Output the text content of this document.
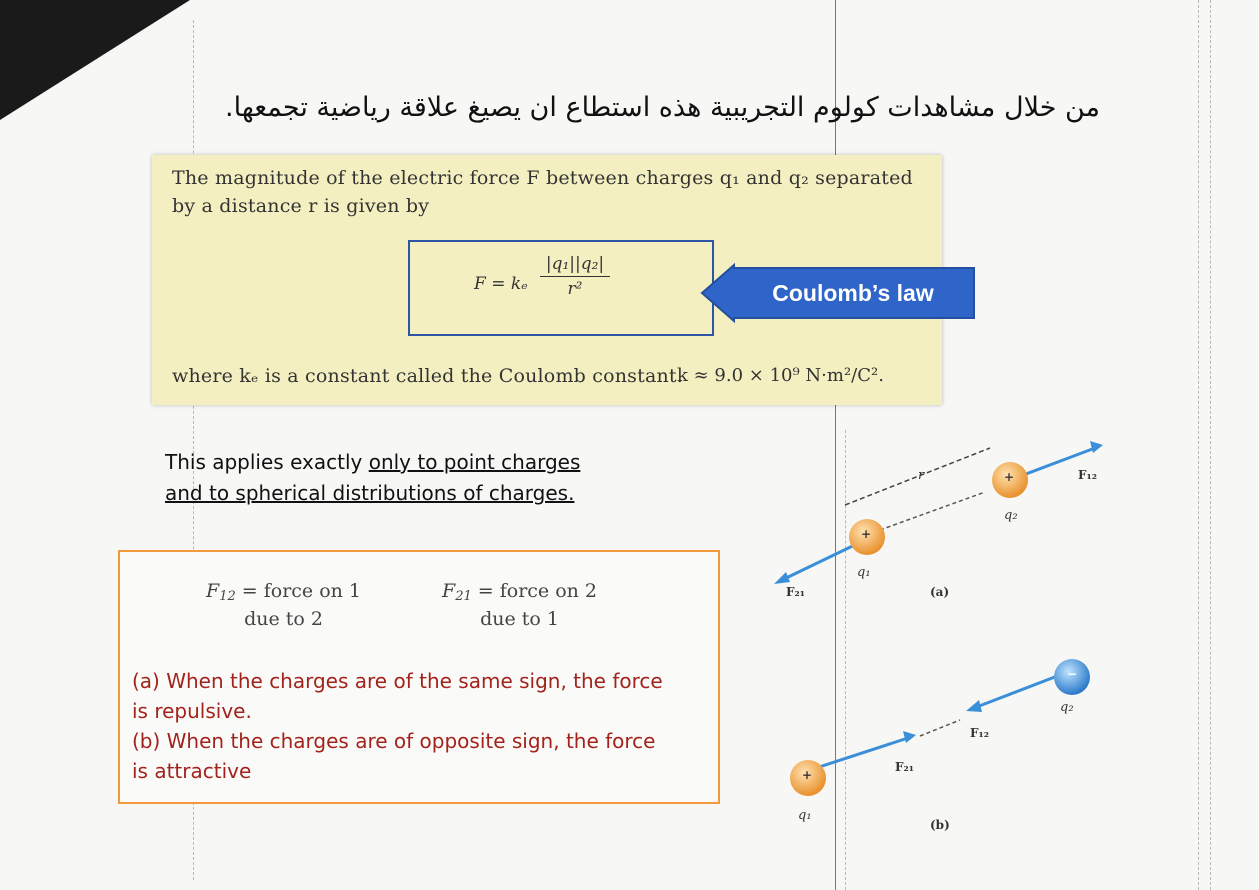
من خلال مشاهدات كولوم التجريبية هذه استطاع ان يصيغ علاقة رياضية تجمعها.
The magnitude of the electric force F between charges q₁ and q₂ separated
by a distance r is given by
F = kₑ $\frac{\text{|q₁||q₂|}}{\text{r²}}$
where kₑ is a constant called the Coulomb constant.
k ≈ 9.0 × 10⁹ N·m²/C².
Coulomb’s law
This applies exactly only to point charges
and to spherical distributions of charges.
$F_{12}$ = force on 1
due to 2
$F_{21}$ = force on 2
due to 1
(a) When the charges are of the same sign, the force
is repulsive.
(b) When the charges are of opposite sign, the force
is attractive
+
+
+
−
r
q₁
q₂
F₁₂
F₂₁	(a)
q₂
F₁₂
F₂₁
q₁
(b)
